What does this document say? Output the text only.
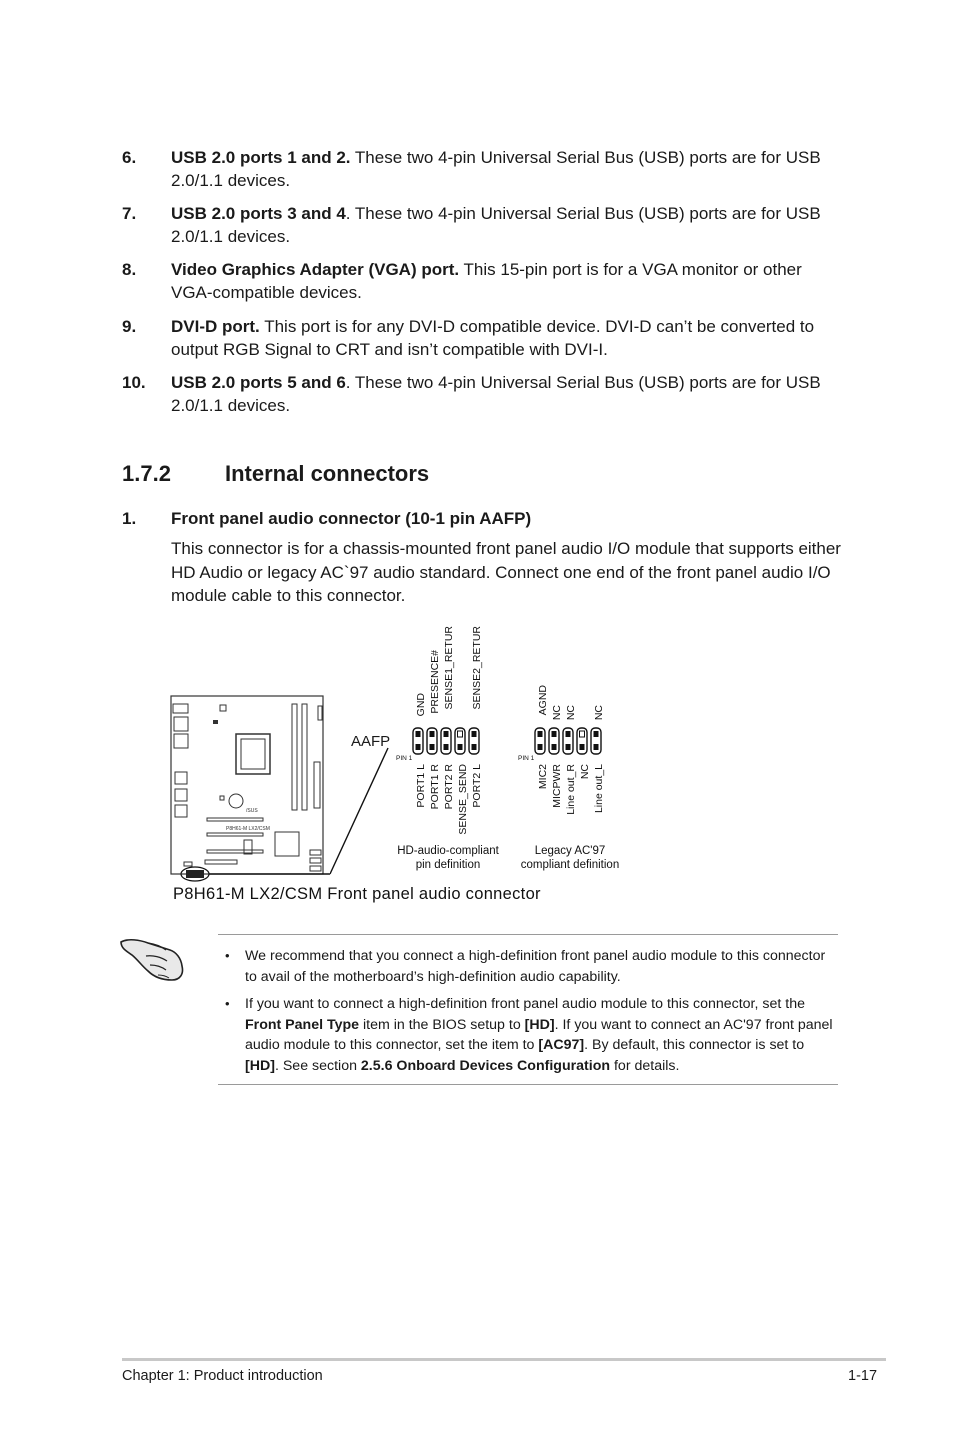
6. USB 2.0 ports 1 and 2. These two 4-pin Universal Serial Bus (USB) ports are for USB 2.0/1.1 devices.
7. USB 2.0 ports 3 and 4. These two 4-pin Universal Serial Bus (USB) ports are for USB 2.0/1.1 devices.
8. Video Graphics Adapter (VGA) port. This 15-pin port is for a VGA monitor or other VGA-compatible devices.
9. DVI-D port. This port is for any DVI-D compatible device. DVI-D can’t be converted to output RGB Signal to CRT and isn’t compatible with DVI-I.
10. USB 2.0 ports 5 and 6. These two 4-pin Universal Serial Bus (USB) ports are for USB 2.0/1.1 devices.
1.7.2 Internal connectors
1. Front panel audio connector (10-1 pin AAFP)
This connector is for a chassis-mounted front panel audio I/O module that supports either HD Audio or legacy AC`97 audio standard. Connect one end of the front panel audio I/O module cable to this connector.
/SUS
P8H61-M LX2/CSM
AAFP
GND PRESENCE# SENSE1_RETUR SENSE2_RETUR
PIN 1
PORT1 L PORT1 R PORT2 R SENSE_SEND PORT2 L
HD-audio-compliant
pin definition
AGND NC NC NC
PIN 1
MIC2 MICPWR Line out_R NC Line out_L
Legacy AC'97
compliant definition
P8H61-M LX2/CSM Front panel audio connector
• We recommend that you connect a high-definition front panel audio module to this connector to avail of the motherboard’s high-definition audio capability.
• If you want to connect a high-definition front panel audio module to this connector, set the Front Panel Type item in the BIOS setup to [HD]. If you want to connect an AC'97 front panel audio module to this connector, set the item to [AC97]. By default, this connector is set to [HD]. See section 2.5.6 Onboard Devices Configuration for details.
Chapter 1: Product introduction	1-17
